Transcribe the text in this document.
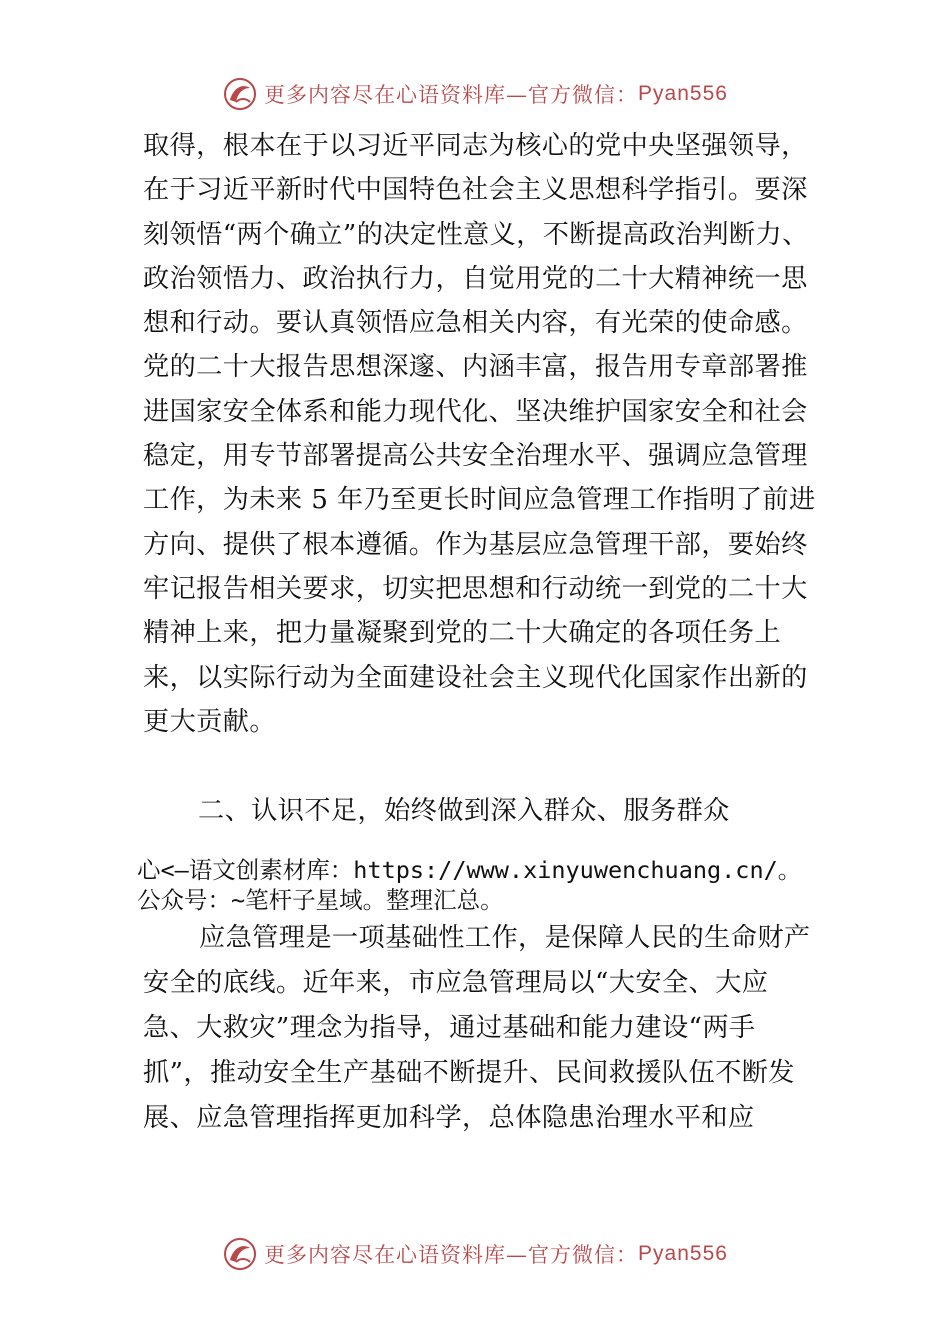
更多内容尽在心语资料库—官方微信： Pyan556

取得，根本在于以习近平同志为核心的党中央坚强领导，在于习近平新时代中国特色社会主义思想科学指引。要深刻领悟“两个确立”的决定性意义，不断提高政治判断力、政治领悟力、政治执行力，自觉用党的二十大精神统一思想和行动。要认真领悟应急相关内容，有光荣的使命感。党的二十大报告思想深邃、内涵丰富，报告用专章部署推进国家安全体系和能力现代化、坚决维护国家安全和社会稳定，用专节部署提高公共安全治理水平、强调应急管理工作，为未来 5 年乃至更长时间应急管理工作指明了前进方向、提供了根本遵循。作为基层应急管理干部，要始终牢记报告相关要求，切实把思想和行动统一到党的二十大精神上来，把力量凝聚到党的二十大确定的各项任务上来，以实际行动为全面建设社会主义现代化国家作出新的更大贡献。

二、认识不足，始终做到深入群众、服务群众
心<—语文创素材库：https://www.xinyuwenchuang.cn/。
公众号：~笔杆子星域。整理汇总。
应急管理是一项基础性工作，是保障人民的生命财产安全的底线。近年来，市应急管理局以“大安全、大应急、大救灾”理念为指导，通过基础和能力建设“两手抓”，推动安全生产基础不断提升、民间救援队伍不断发展、应急管理指挥更加科学，总体隐患治理水平和应
更多内容尽在心语资料库—官方微信： Pyan556
